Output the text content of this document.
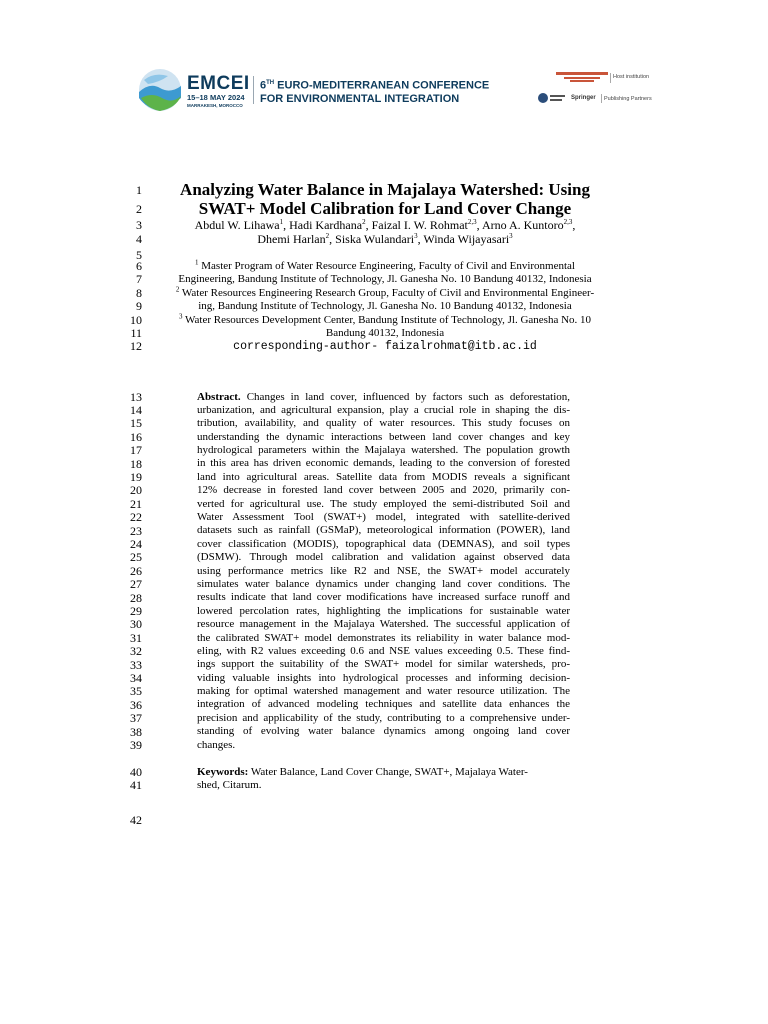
EMCEI
15–18 MAY 2024
MARRAKESH, MOROCCO
6TH EURO-MEDITERRANEAN CONFERENCE
FOR ENVIRONMENTAL INTEGRATION
Host institution
Springer Publishing Partners
1
2
3
4
5
6
7
8
9
10
11
12
13
14
15
16
17
18
19
20
21
22
23
24
25
26
27
28
29
30
31
32
33
34
35
36
37
38
39
40
41
42
Analyzing Water Balance in Majalaya Watershed: Using
SWAT+ Model Calibration for Land Cover Change
Abdul W. Lihawa$^1$, Hadi Kardhana$^2$, Faizal I. W. Rohmat$^{2,3}$, Arno A. Kuntoro$^{2,3}$,
Dhemi Harlan$^2$, Siska Wulandari$^3$, Winda Wijayasari$^3$
$^1$ Master Program of Water Resource Engineering, Faculty of Civil and Environmental
Engineering, Bandung Institute of Technology, Jl. Ganesha No. 10 Bandung 40132, Indonesia
$^2$ Water Resources Engineering Research Group, Faculty of Civil and Environmental Engineer-
ing, Bandung Institute of Technology, Jl. Ganesha No. 10 Bandung 40132, Indonesia
$^3$ Water Resources Development Center, Bandung Institute of Technology, Jl. Ganesha No. 10
Bandung 40132, Indonesia
corresponding-author- faizalrohmat@itb.ac.id
Abstract. Changes in land cover, influenced by factors such as deforestation,
urbanization, and agricultural expansion, play a crucial role in shaping the dis-
tribution, availability, and quality of water resources. This study focuses on
understanding the dynamic interactions between land cover changes and key
hydrological parameters within the Majalaya watershed. The population growth
in this area has driven economic demands, leading to the conversion of forested
land into agricultural areas. Satellite data from MODIS reveals a significant
12% decrease in forested land cover between 2005 and 2020, primarily con-
verted for agricultural use. The study employed the semi-distributed Soil and
Water Assessment Tool (SWAT+) model, integrated with satellite-derived
datasets such as rainfall (GSMaP), meteorological information (POWER), land
cover classification (MODIS), topographical data (DEMNAS), and soil types
(DSMW). Through model calibration and validation against observed data
using performance metrics like R2 and NSE, the SWAT+ model accurately
simulates water balance dynamics under changing land cover conditions. The
results indicate that land cover modifications have increased surface runoff and
lowered percolation rates, highlighting the implications for sustainable water
resource management in the Majalaya Watershed. The successful application of
the calibrated SWAT+ model demonstrates its reliability in water balance mod-
eling, with R2 values exceeding 0.6 and NSE values exceeding 0.5. These find-
ings support the suitability of the SWAT+ model for similar watersheds, pro-
viding valuable insights into hydrological processes and informing decision-
making for optimal watershed management and water resource utilization. The
integration of advanced modeling techniques and satellite data enhances the
precision and applicability of the study, contributing to a comprehensive under-
standing of evolving water balance dynamics among ongoing land cover
changes.
Keywords: Water Balance, Land Cover Change, SWAT+, Majalaya Water-
shed, Citarum.
